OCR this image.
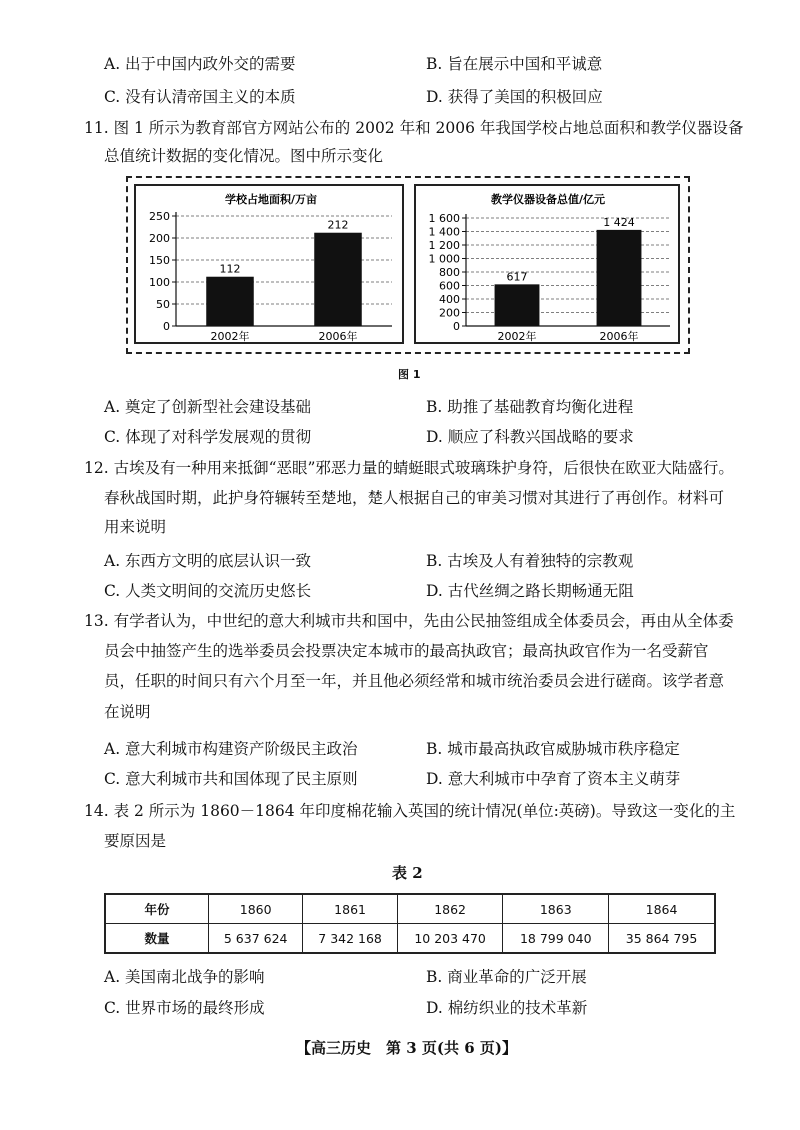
A. 出于中国内政外交的需要	B. 旨在展示中国和平诚意
C. 没有认清帝国主义的本质	D. 获得了美国的积极回应
11. 图 1 所示为教育部官方网站公布的 2002 年和 2006 年我国学校占地总面积和教学仪器设备
总值统计数据的变化情况。图中所示变化
学校占地面积/万亩
250
200
150
100
50
0
112
2002年
212
2006年
教学仪器设备总值/亿元
1 600
1 400
1 200
1 000
800
600
400
200
0
617
2002年
1 424
2006年
图 1
A. 奠定了创新型社会建设基础	B. 助推了基础教育均衡化进程
C. 体现了对科学发展观的贯彻	D. 顺应了科教兴国战略的要求
12. 古埃及有一种用来抵御“恶眼”邪恶力量的蜻蜓眼式玻璃珠护身符，后很快在欧亚大陆盛行。
春秋战国时期，此护身符辗转至楚地，楚人根据自己的审美习惯对其进行了再创作。材料可
用来说明
A. 东西方文明的底层认识一致	B. 古埃及人有着独特的宗教观
C. 人类文明间的交流历史悠长	D. 古代丝绸之路长期畅通无阻
13. 有学者认为，中世纪的意大利城市共和国中，先由公民抽签组成全体委员会，再由从全体委
员会中抽签产生的选举委员会投票决定本城市的最高执政官；最高执政官作为一名受薪官
员，任职的时间只有六个月至一年，并且他必须经常和城市统治委员会进行磋商。该学者意
在说明
A. 意大利城市构建资产阶级民主政治	B. 城市最高执政官威胁城市秩序稳定
C. 意大利城市共和国体现了民主原则	D. 意大利城市中孕育了资本主义萌芽
14. 表 2 所示为 1860－1864 年印度棉花输入英国的统计情况(单位:英磅)。导致这一变化的主
要原因是
表 2
年份	1860	1861	1862	1863	1864
数量	5 637 624	7 342 168	10 203 470	18 799 040	35 864 795
A. 美国南北战争的影响	B. 商业革命的广泛开展
C. 世界市场的最终形成	D. 棉纺织业的技术革新
【高三历史　第 3 页(共 6 页)】
